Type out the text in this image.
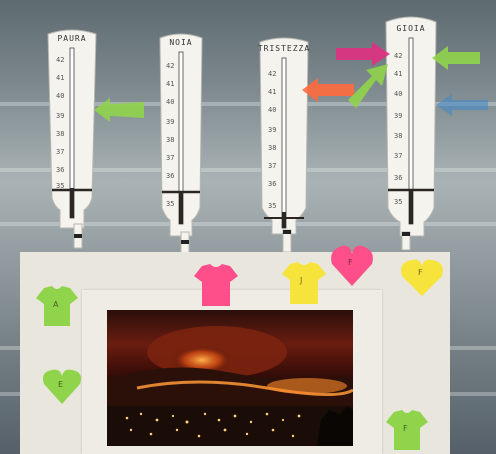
42
41
40
39
38
37
36
35
PAURA
42
41
40
39
38
37
36
35
NOIA
42
41
40
39
38
37
36
35
TRISTEZZA
42
41
40
39
38
37
36
35
GIOIA
A
E
J
F
F
F
